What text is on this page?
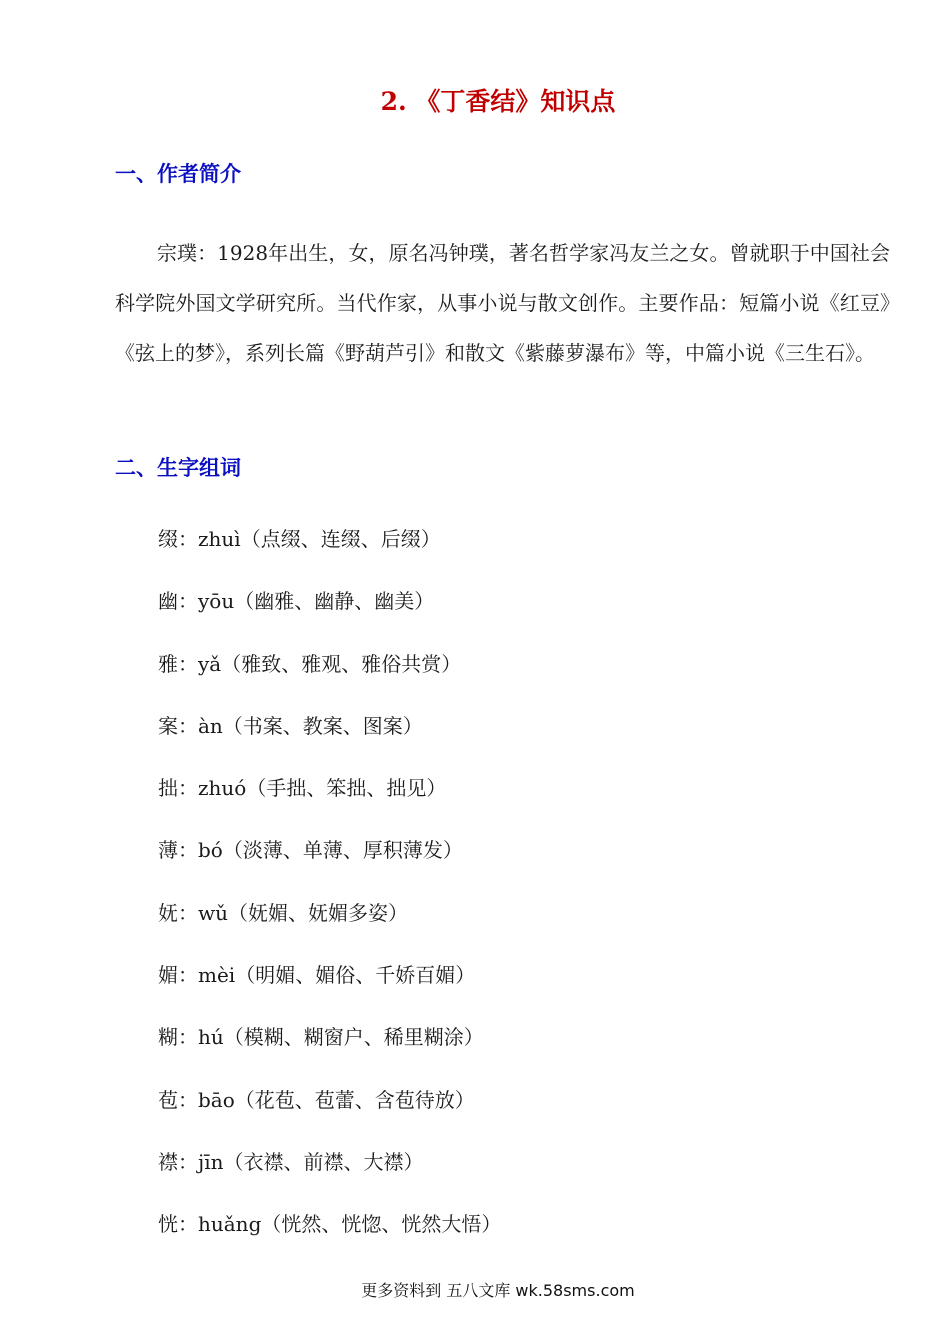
2. 《丁香结》知识点
一、作者简介

宗璞：1928年出生，女，原名冯钟璞，著名哲学家冯友兰之女。曾就职于中国社会科学院外国文学研究所。当代作家，从事小说与散文创作。主要作品：短篇小说《红豆》《弦上的梦》，系列长篇《野葫芦引》和散文《紫藤萝瀑布》等，中篇小说《三生石》。

二、生字组词
缀：zhuì（点缀、连缀、后缀）
幽：yōu（幽雅、幽静、幽美）
雅：yǎ（雅致、雅观、雅俗共赏）
案：àn（书案、教案、图案）
拙：zhuó（手拙、笨拙、拙见）
薄：bó（淡薄、单薄、厚积薄发）
妩：wǔ（妩媚、妩媚多姿）
媚：mèi（明媚、媚俗、千娇百媚）
糊：hú（模糊、糊窗户、稀里糊涂）
苞：bāo（花苞、苞蕾、含苞待放）
襟：jīn（衣襟、前襟、大襟）
恍：huǎng（恍然、恍惚、恍然大悟）
更多资料到 五八文库 wk.58sms.com
